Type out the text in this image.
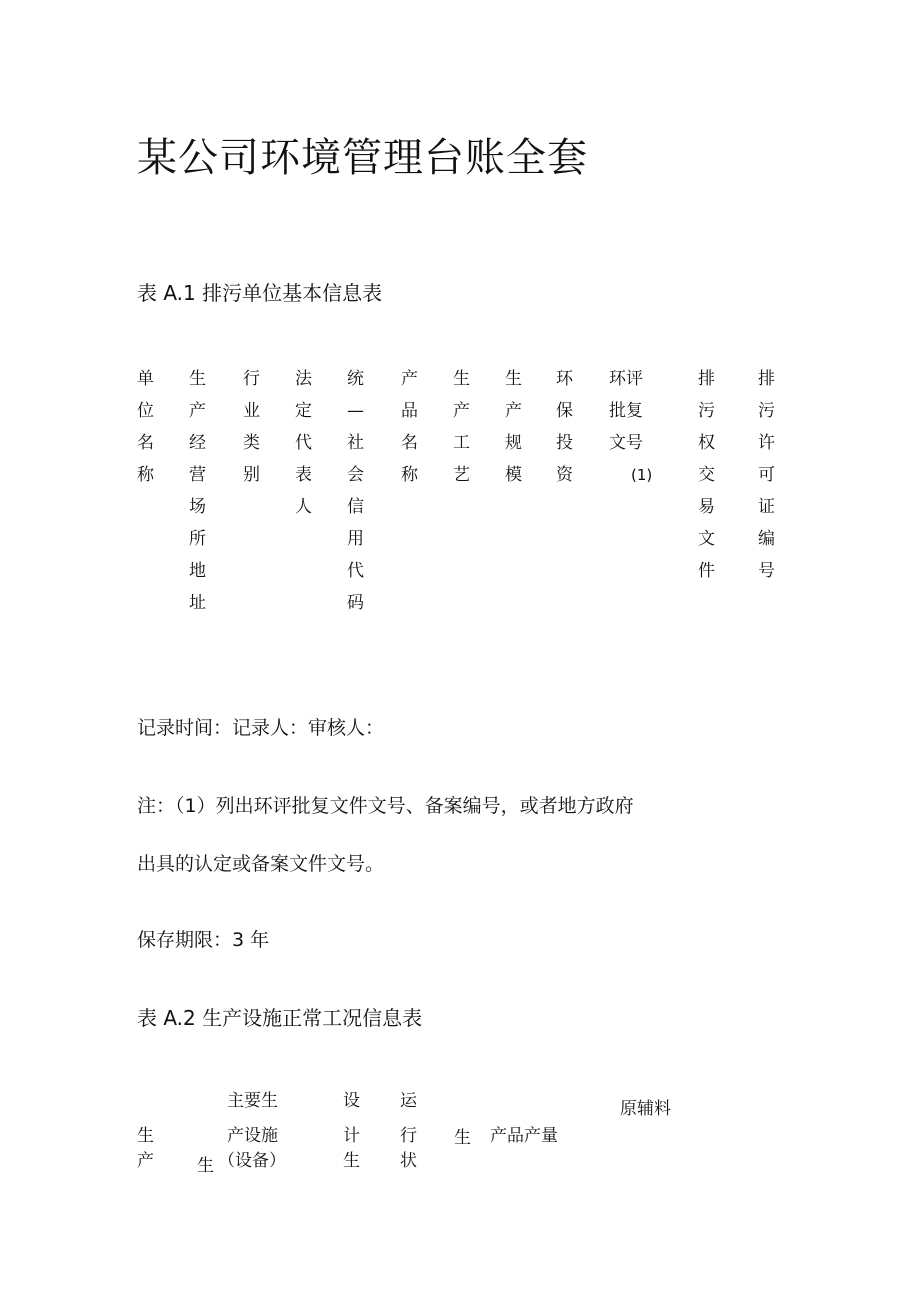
某公司环境管理台账全套
表 A.1 排污单位基本信息表
单
位
名
称
生
产
经
营
场
所
地
址
行
业
类
别
法
定
代
表
人
统
—
社
会
信
用
代
码
产
品
名
称
生
产
工
艺
生
产
规
模
环
保
投
资
环评
批复
文号
(1)
排
污
权
交
易
文
件
排
污
许
可
证
编
号
记录时间：记录人：审核人：
注：（1）列出环评批复文件文号、备案编号，或者地方政府
出具的认定或备案文件文号。
保存期限：3 年
表 A.2 生产设施正常工况信息表
主要生
产设施
（设备）
设
计
生
运
行
状
生
产	生
生 产品产量
原辅料
